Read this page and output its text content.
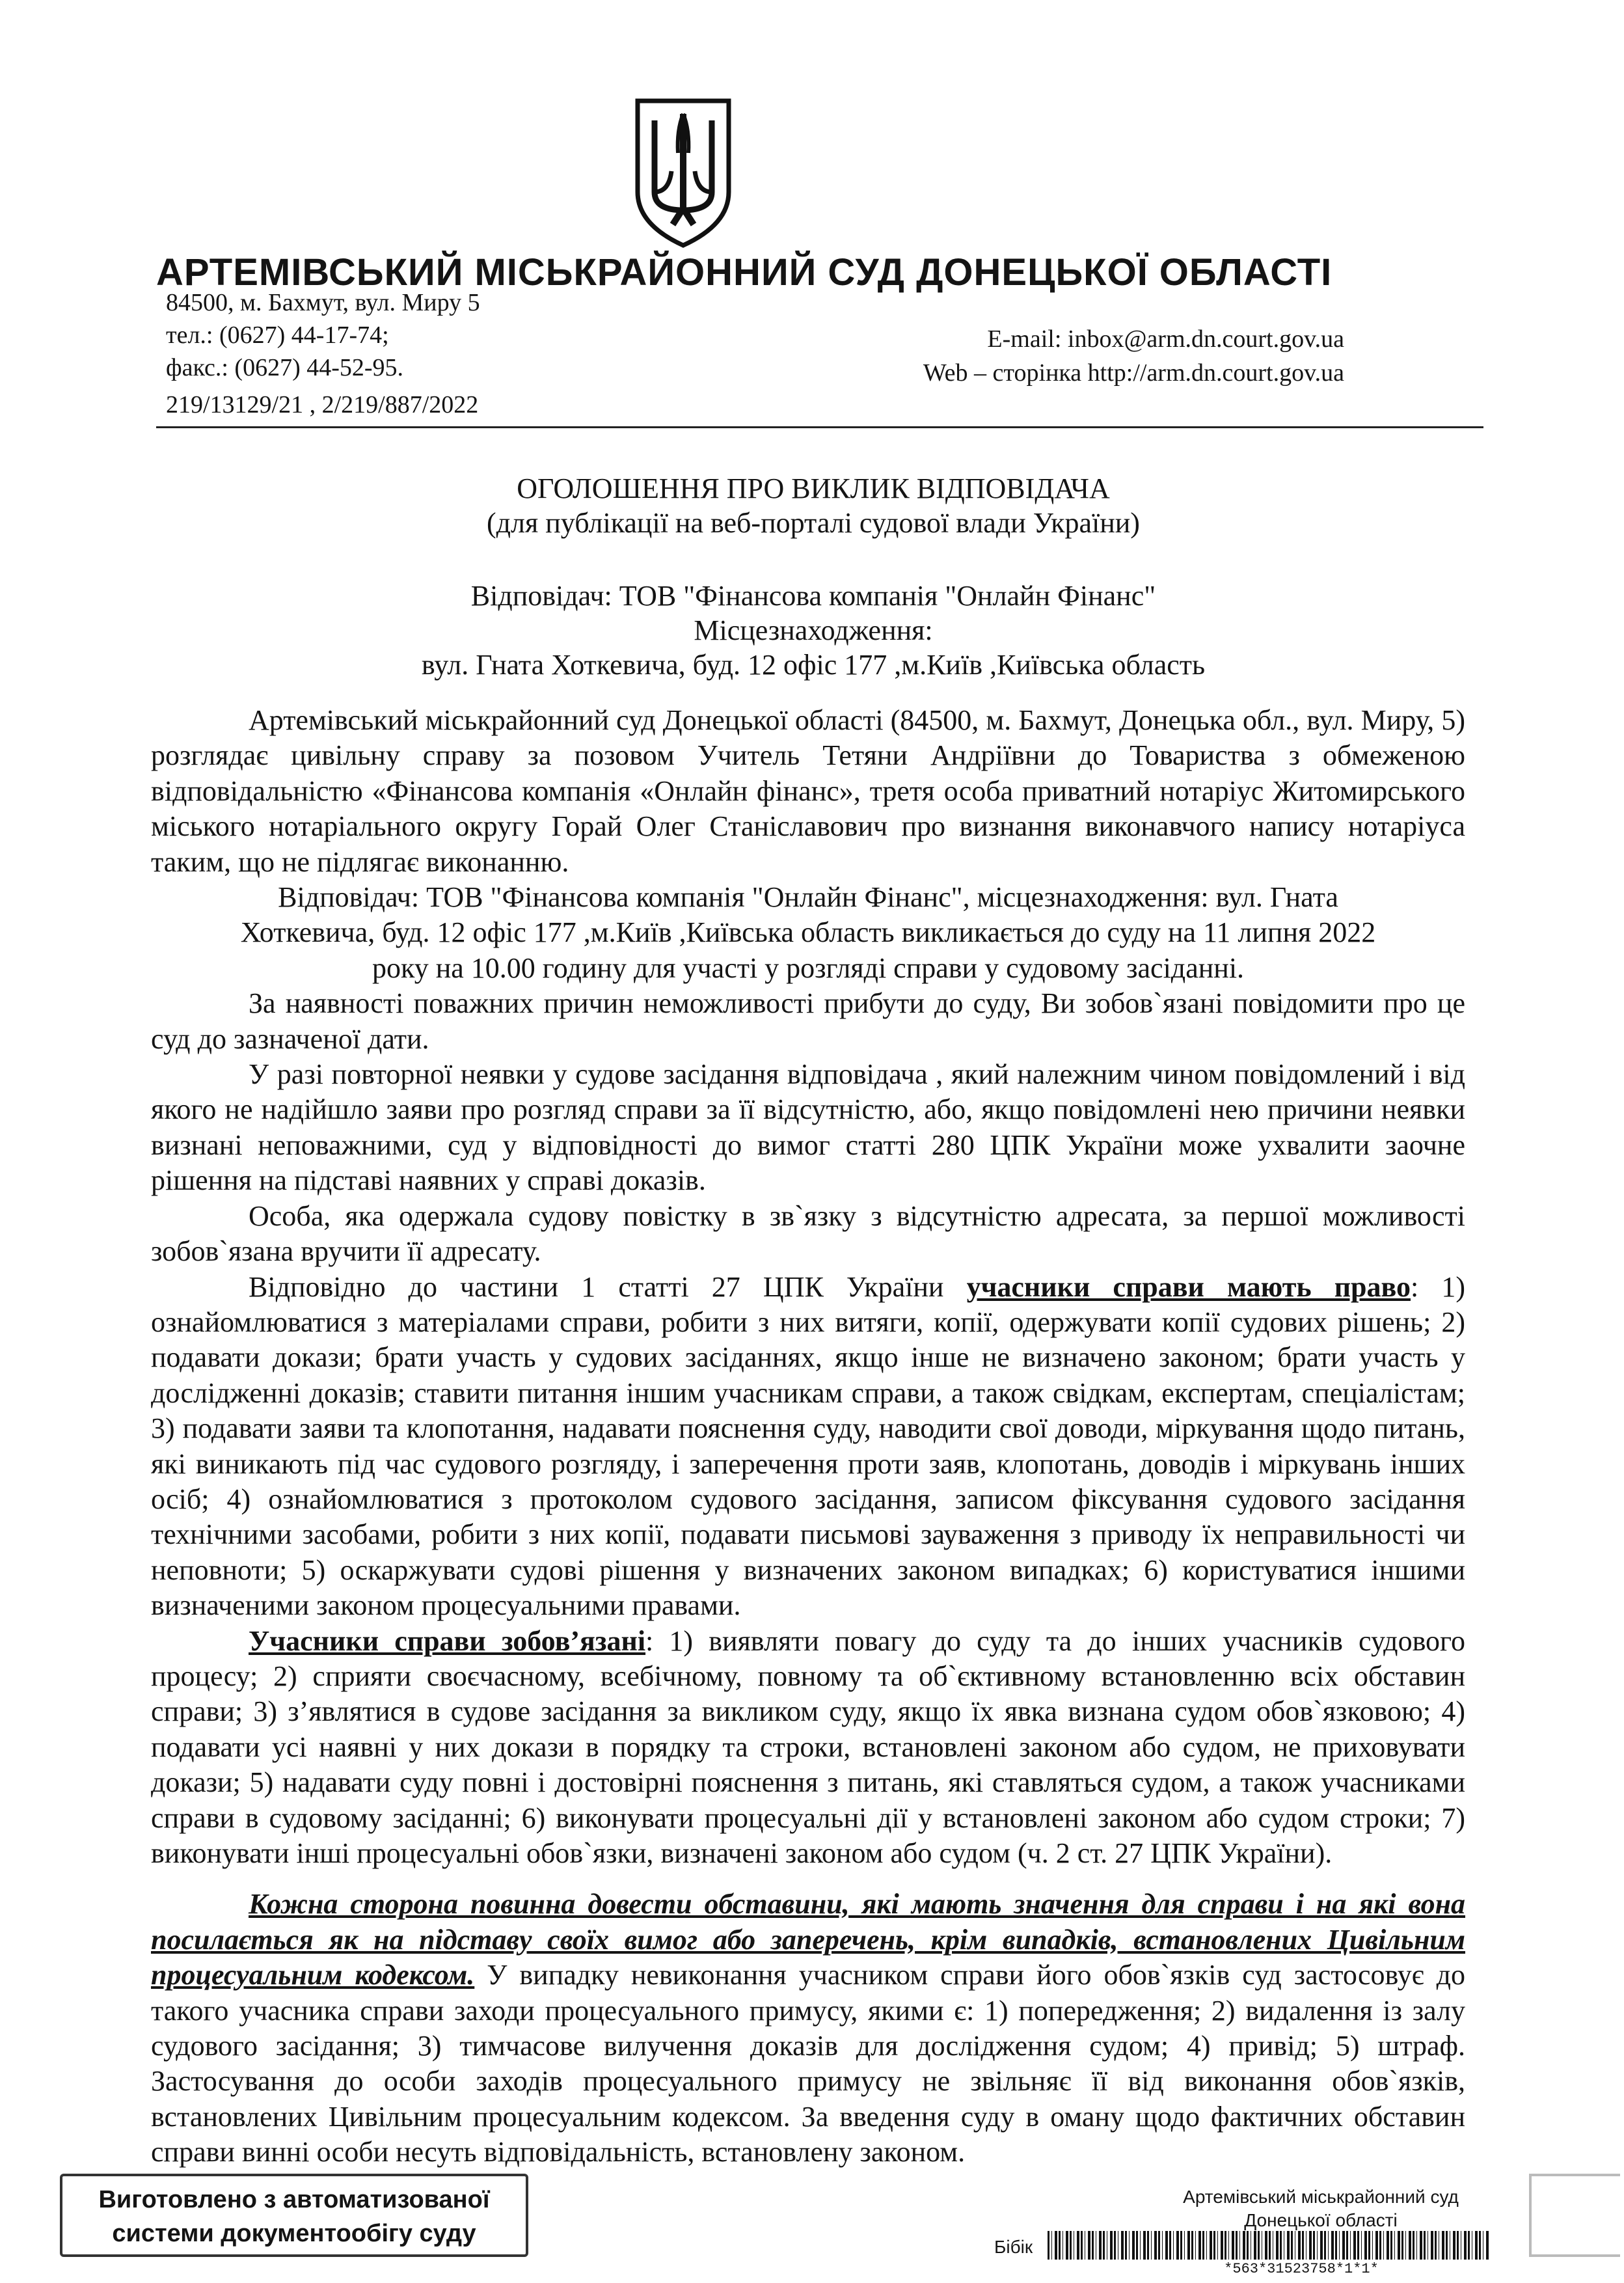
АРТЕМІВСЬКИЙ МІСЬКРАЙОННИЙ СУД ДОНЕЦЬКОЇ ОБЛАСТІ
84500, м. Бахмут, вул. Миру 5
тел.: (0627) 44-17-74;
факс.: (0627) 44-52-95.
E-mail: inbox@arm.dn.court.gov.ua
Web – сторінка http://arm.dn.court.gov.ua
219/13129/21 , 2/219/887/2022
ОГОЛОШЕННЯ ПРО ВИКЛИК ВІДПОВІДАЧА
(для публікації на веб-порталі судової влади України)
Відповідач: ТОВ "Фінансова компанія "Онлайн Фінанс"
Місцезнаходження:
вул. Гната Хоткевича, буд. 12 офіс 177 ,м.Київ ,Київська область

Артемівський міськрайонний суд Донецької області (84500, м. Бахмут, Донецька обл., вул. Миру, 5) розглядає цивільну справу за позовом Учитель Тетяни Андріївни до Товариства з обмеженою відповідальністю «Фінансова компанія «Онлайн фінанс», третя особа приватний нотаріус Житомирського міського нотаріального округу Горай Олег Станіславович про визнання виконавчого напису нотаріуса таким, що не підлягає виконанню.

Відповідач: ТОВ "Фінансова компанія "Онлайн Фінанс", місцезнаходження: вул. Гната

Хоткевича, буд. 12 офіс 177 ,м.Київ ,Київська область викликається до суду на 11 липня 2022

року на 10.00 годину для участі у розгляді справи у судовому засіданні.

За наявності поважних причин неможливості прибути до суду, Ви зобов`язані повідомити про це суд до зазначеної дати.

У разі повторної неявки у судове засідання відповідача , який належним чином повідомлений і від якого не надійшло заяви про розгляд справи за її відсутністю, або, якщо повідомлені нею причини неявки визнані неповажними, суд у відповідності до вимог статті 280 ЦПК України може ухвалити заочне рішення на підставі наявних у справі доказів.

Особа, яка одержала судову повістку в зв`язку з відсутністю адресата, за першої можливості зобов`язана вручити її адресату.

Відповідно до частини 1 статті 27 ЦПК України учасники справи мають право: 1) ознайомлюватися з матеріалами справи, робити з них витяги, копії, одержувати копії судових рішень; 2) подавати докази; брати участь у судових засіданнях, якщо інше не визначено законом; брати участь у дослідженні доказів; ставити питання іншим учасникам справи, а також свідкам, експертам, спеціалістам; 3) подавати заяви та клопотання, надавати пояснення суду, наводити свої доводи, міркування щодо питань, які виникають під час судового розгляду, і заперечення проти заяв, клопотань, доводів і міркувань інших осіб; 4) ознайомлюватися з протоколом судового засідання, записом фіксування судового засідання технічними засобами, робити з них копії, подавати письмові зауваження з приводу їх неправильності чи неповноти; 5) оскаржувати судові рішення у визначених законом випадках; 6) користуватися іншими визначеними законом процесуальними правами.

Учасники справи зобов’язані: 1) виявляти повагу до суду та до інших учасників судового процесу; 2) сприяти своєчасному, всебічному, повному та об`єктивному встановленню всіх обставин справи; 3) з’являтися в судове засідання за викликом суду, якщо їх явка визнана судом обов`язковою; 4) подавати усі наявні у них докази в порядку та строки, встановлені законом або судом, не приховувати докази; 5) надавати суду повні і достовірні пояснення з питань, які ставляться судом, а також учасниками справи в судовому засіданні; 6) виконувати процесуальні дії у встановлені законом або судом строки; 7) виконувати інші процесуальні обов`язки, визначені законом або судом (ч. 2 ст. 27 ЦПК України).

Кожна сторона повинна довести обставини, які мають значення для справи і на які вона посилається як на підставу своїх вимог або заперечень, крім випадків, встановлених Цивільним процесуальним кодексом. У випадку невиконання учасником справи його обов`язків суд застосовує до такого учасника справи заходи процесуального примусу, якими є: 1) попередження; 2) видалення із залу судового засідання; 3) тимчасове вилучення доказів для дослідження судом; 4) привід; 5) штраф. Застосування до особи заходів процесуального примусу не звільняє її від виконання обов`язків, встановлених Цивільним процесуальним кодексом. За введення суду в оману щодо фактичних обставин справи винні особи несуть відповідальність, встановлену законом.

Виготовлено з автоматизованої
системи документообігу суду
Артемівський міськрайонний суд
Донецької області
Бібік
*563*31523758*1*1*
